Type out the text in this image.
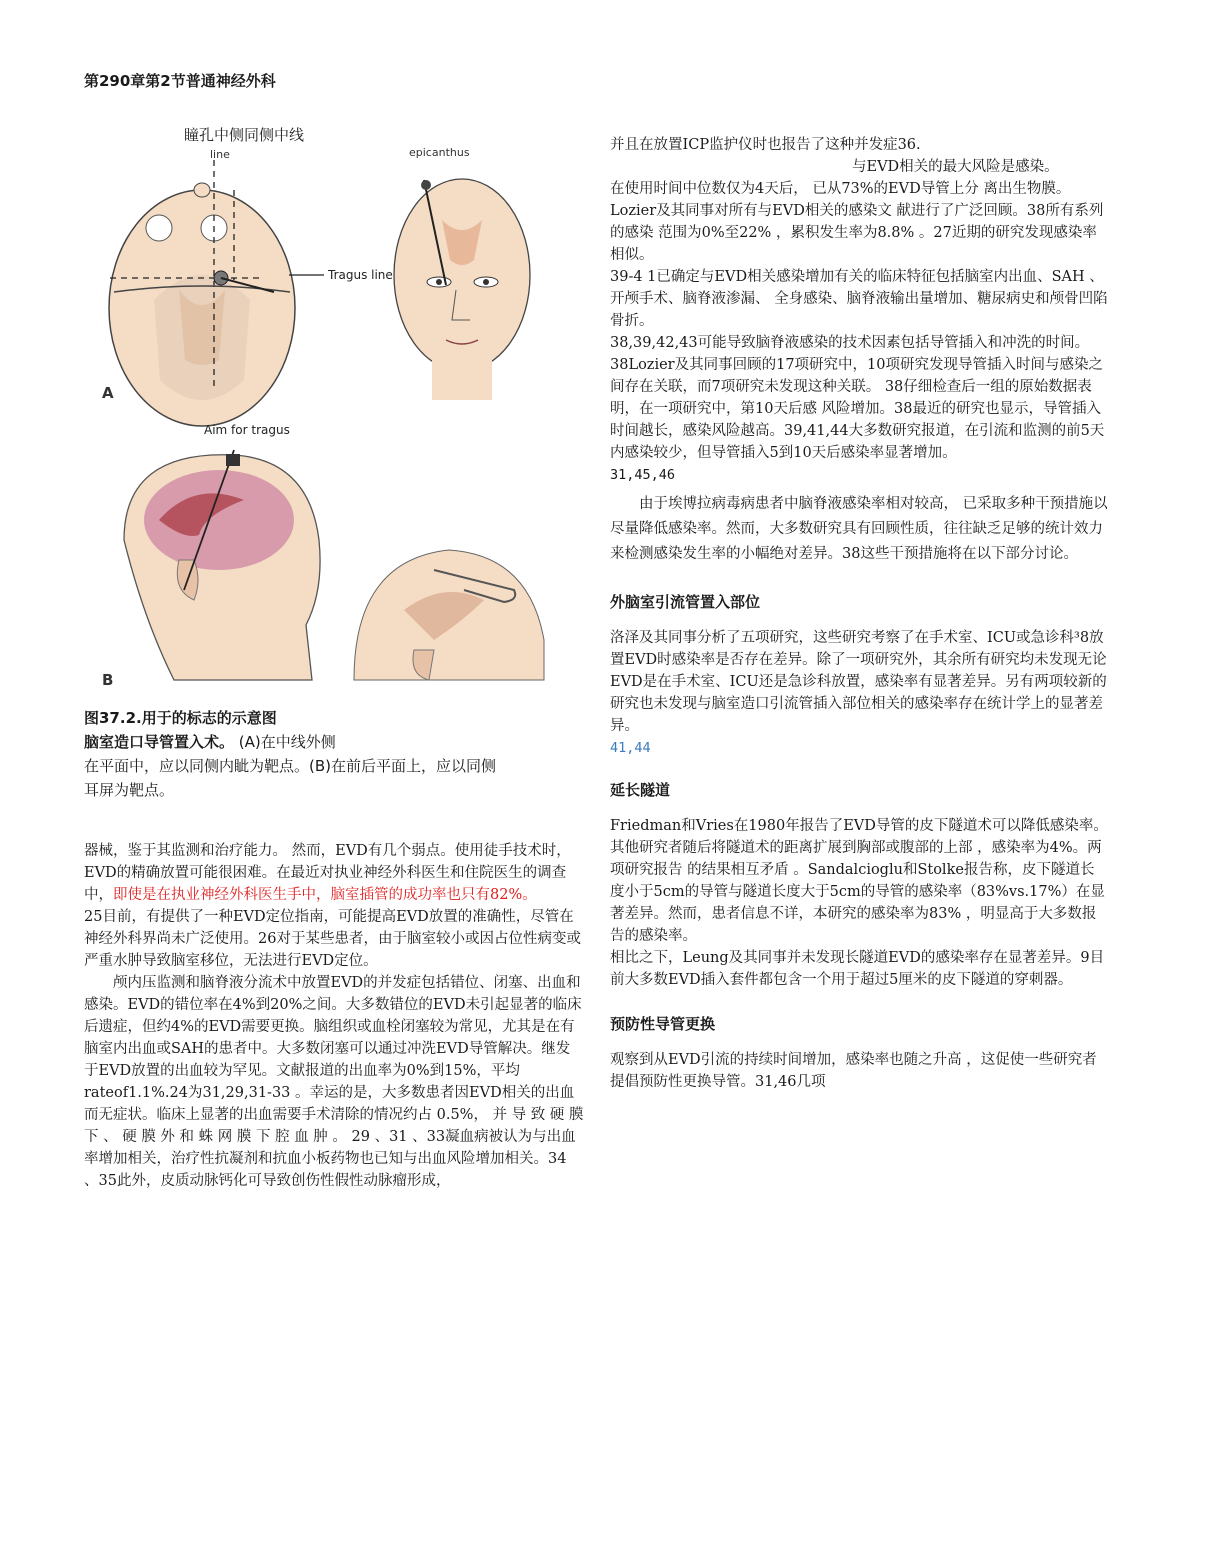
第290章第2节普通神经外科
瞳孔中侧同侧中线
line	epicanthus
Tragus line
A
Aim for tragus
B
图37.2.用于的标志的示意图
脑室造口导管置入术。 (A)在中线外侧
在平面中，应以同侧内眦为靶点。(B)在前后平面上，应以同侧
耳屏为靶点。

器械，鉴于其监测和治疗能力。 然而，EVD有几个弱点。使用徒手技术时，EVD的精确放置可能很困难。在最近对执业神经外科医生和住院医生的调查中，即使是在执业神经外科医生手中，脑室插管的成功率也只有82%。

25目前，有提供了一种EVD定位指南，可能提高EVD放置的准确性，尽管在神经外科界尚未广泛使用。26对于某些患者，由于脑室较小或因占位性病变或严重水肿导致脑室移位，无法进行EVD定位。

颅内压监测和脑脊液分流术中放置EVD的并发症包括错位、闭塞、出血和感染。EVD的错位率在4%到20%之间。大多数错位的EVD未引起显著的临床后遗症，但约4%的EVD需要更换。脑组织或血栓闭塞较为常见，尤其是在有脑室内出血或SAH的患者中。大多数闭塞可以通过冲洗EVD导管解决。继发于EVD放置的出血较为罕见。文献报道的出血率为0%到15%，平均rateof1.1%.24为31,29,31-33 。幸运的是，大多数患者因EVD相关的出血而无症状。临床上显著的出血需要手术清除的情况约占 0.5%， 并 导 致 硬 膜 下 、 硬 膜 外 和 蛛 网 膜 下 腔 血 肿 。 29 、31 、33凝血病被认为与出血率增加相关，治疗性抗凝剂和抗血小板药物也已知与出血风险增加相关。34 、35此外，皮质动脉钙化可导致创伤性假性动脉瘤形成，

并且在放置ICP监护仪时也报告了这种并发症36.

与EVD相关的最大风险是感染。

在使用时间中位数仅为4天后， 已从73%的EVD导管上分 离出生物膜。Lozier及其同事对所有与EVD相关的感染文 献进行了广泛回顾。38所有系列的感染 范围为0%至22% ，累积发生率为8.8% 。27近期的研究发现感染率相似。

39-4 1已确定与EVD相关感染增加有关的临床特征包括脑室内出血、SAH 、开颅手术、脑脊液渗漏、 全身感染、脑脊液输出量增加、糖尿病史和颅骨凹陷骨折。

38,39,42,43可能导致脑脊液感染的技术因素包括导管插入和冲洗的时间。38Lozier及其同事回顾的17项研究中，10项研究发现导管插入时间与感染之间存在关联，而7项研究未发现这种关联。 38仔细检查后一组的原始数据表明，在一项研究中，第10天后感 风险增加。38最近的研究也显示，导管插入时间越长，感染风险越高。39,41,44大多数研究报道，在引流和监测的前5天内感染较少，但导管插入5到10天后感染率显著增加。

31,45,46

由于埃博拉病毒病患者中脑脊液感染率相对较高， 已采取多种干预措施以尽量降低感染率。然而，大多数研究具有回顾性质，往往缺乏足够的统计效力来检测感染发生率的小幅绝对差异。38这些干预措施将在以下部分讨论。

外脑室引流管置入部位

洛泽及其同事分析了五项研究，这些研究考察了在手术室、ICU或急诊科³8放置EVD时感染率是否存在差异。除了一项研究外，其余所有研究均未发现无论EVD是在手术室、ICU还是急诊科放置，感染率有显著差异。另有两项较新的研究也未发现与脑室造口引流管插入部位相关的感染率存在统计学上的显著差异。

41,44

延长隧道

Friedman和Vries在1980年报告了EVD导管的皮下隧道术可以降低感染率。其他研究者随后将隧道术的距离扩展到胸部或腹部的上部 ，感染率为4%。两项研究报告 的结果相互矛盾 。Sandalcioglu和Stolke报告称，皮下隧道长度小于5cm的导管与隧道长度大于5cm的导管的感染率（83%vs.17%）在显著差异。然而，患者信息不详，本研究的感染率为83% ，明显高于大多数报告的感染率。

相比之下，Leung及其同事并未发现长隧道EVD的感染率存在显著差异。9目前大多数EVD插入套件都包含一个用于超过5厘米的皮下隧道的穿刺器。

预防性导管更换

观察到从EVD引流的持续时间增加，感染率也随之升高 ，这促使一些研究者提倡预防性更换导管。31,46几项
